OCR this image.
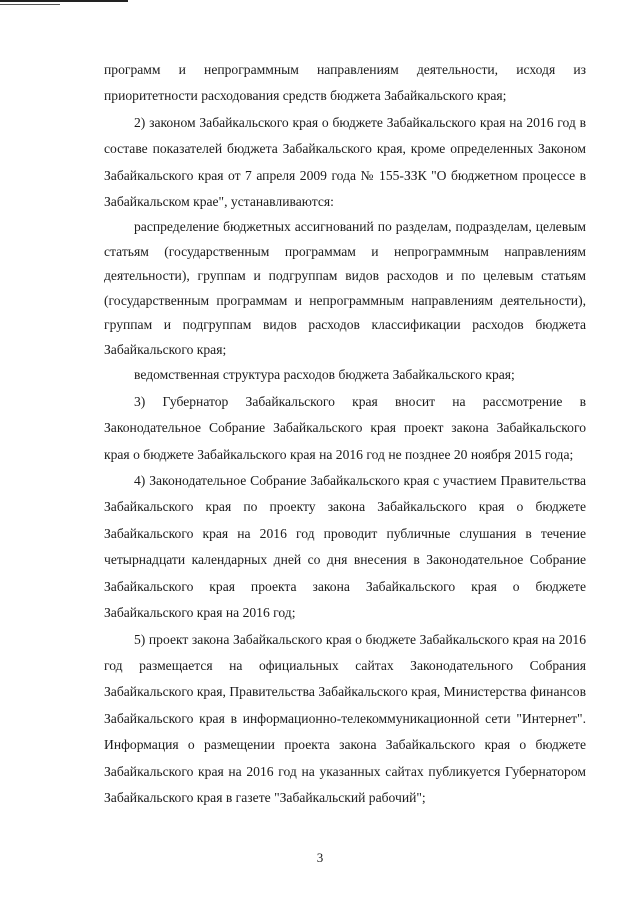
программ и непрограммным направлениям деятельности, исходя из приоритетности расходования средств бюджета Забайкальского края;

2) законом Забайкальского края о бюджете Забайкальского края на 2016 год в составе показателей бюджета Забайкальского края, кроме определенных Законом Забайкальского края от 7 апреля 2009 года № 155-ЗЗК "О бюджетном процессе в Забайкальском крае", устанавливаются:

распределение бюджетных ассигнований по разделам, подразделам, целевым статьям (государственным программам и непрограммным направлениям деятельности), группам и подгруппам видов расходов и по целевым статьям (государственным программам и непрограммным направлениям деятельности), группам и подгруппам видов расходов классификации расходов бюджета Забайкальского края;

ведомственная структура расходов бюджета Забайкальского края;

3) Губернатор Забайкальского края вносит на рассмотрение в Законодательное Собрание Забайкальского края проект закона Забайкальского края о бюджете Забайкальского края на 2016 год не позднее 20 ноября 2015 года;

4) Законодательное Собрание Забайкальского края с участием Правительства Забайкальского края по проекту закона Забайкальского края о бюджете Забайкальского края на 2016 год проводит публичные слушания в течение четырнадцати календарных дней со дня внесения в Законодательное Собрание Забайкальского края проекта закона Забайкальского края о бюджете Забайкальского края на 2016 год;

5) проект закона Забайкальского края о бюджете Забайкальского края на 2016 год размещается на официальных сайтах Законодательного Собрания Забайкальского края, Правительства Забайкальского края, Министерства финансов Забайкальского края в информационно-телекоммуникационной сети "Интернет". Информация о размещении проекта закона Забайкальского края о бюджете Забайкальского края на 2016 год на указанных сайтах публикуется Губернатором Забайкальского края в газете "Забайкальский рабочий";

3
